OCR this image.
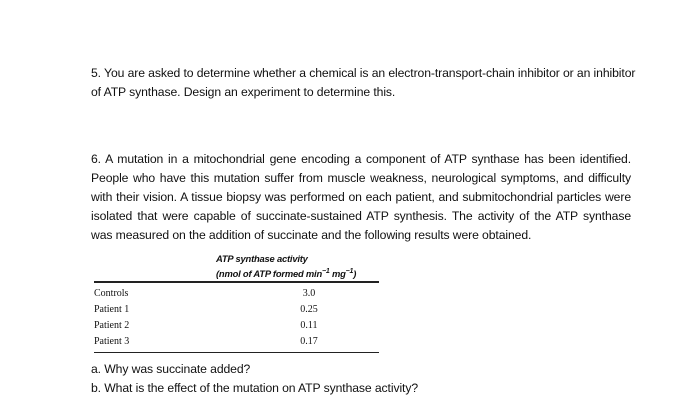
5. You are asked to determine whether a chemical is an electron-transport-chain inhibitor or an inhibitor of ATP synthase. Design an experiment to determine this.
6. A mutation in a mitochondrial gene encoding a component of ATP synthase has been identified. People who have this mutation suffer from muscle weakness, neurological symptoms, and difficulty with their vision. A tissue biopsy was performed on each patient, and submitochondrial particles were isolated that were capable of succinate-sustained ATP synthesis. The activity of the ATP synthase was measured on the addition of succinate and the following results were obtained.
ATP synthase activity
(nmol of ATP formed $\min^{-1} mg^{-1}$)
Controls	3.0
Patient 1	0.25
Patient 2	0.11
Patient 3	0.17
a. Why was succinate added?
b. What is the effect of the mutation on ATP synthase activity?
